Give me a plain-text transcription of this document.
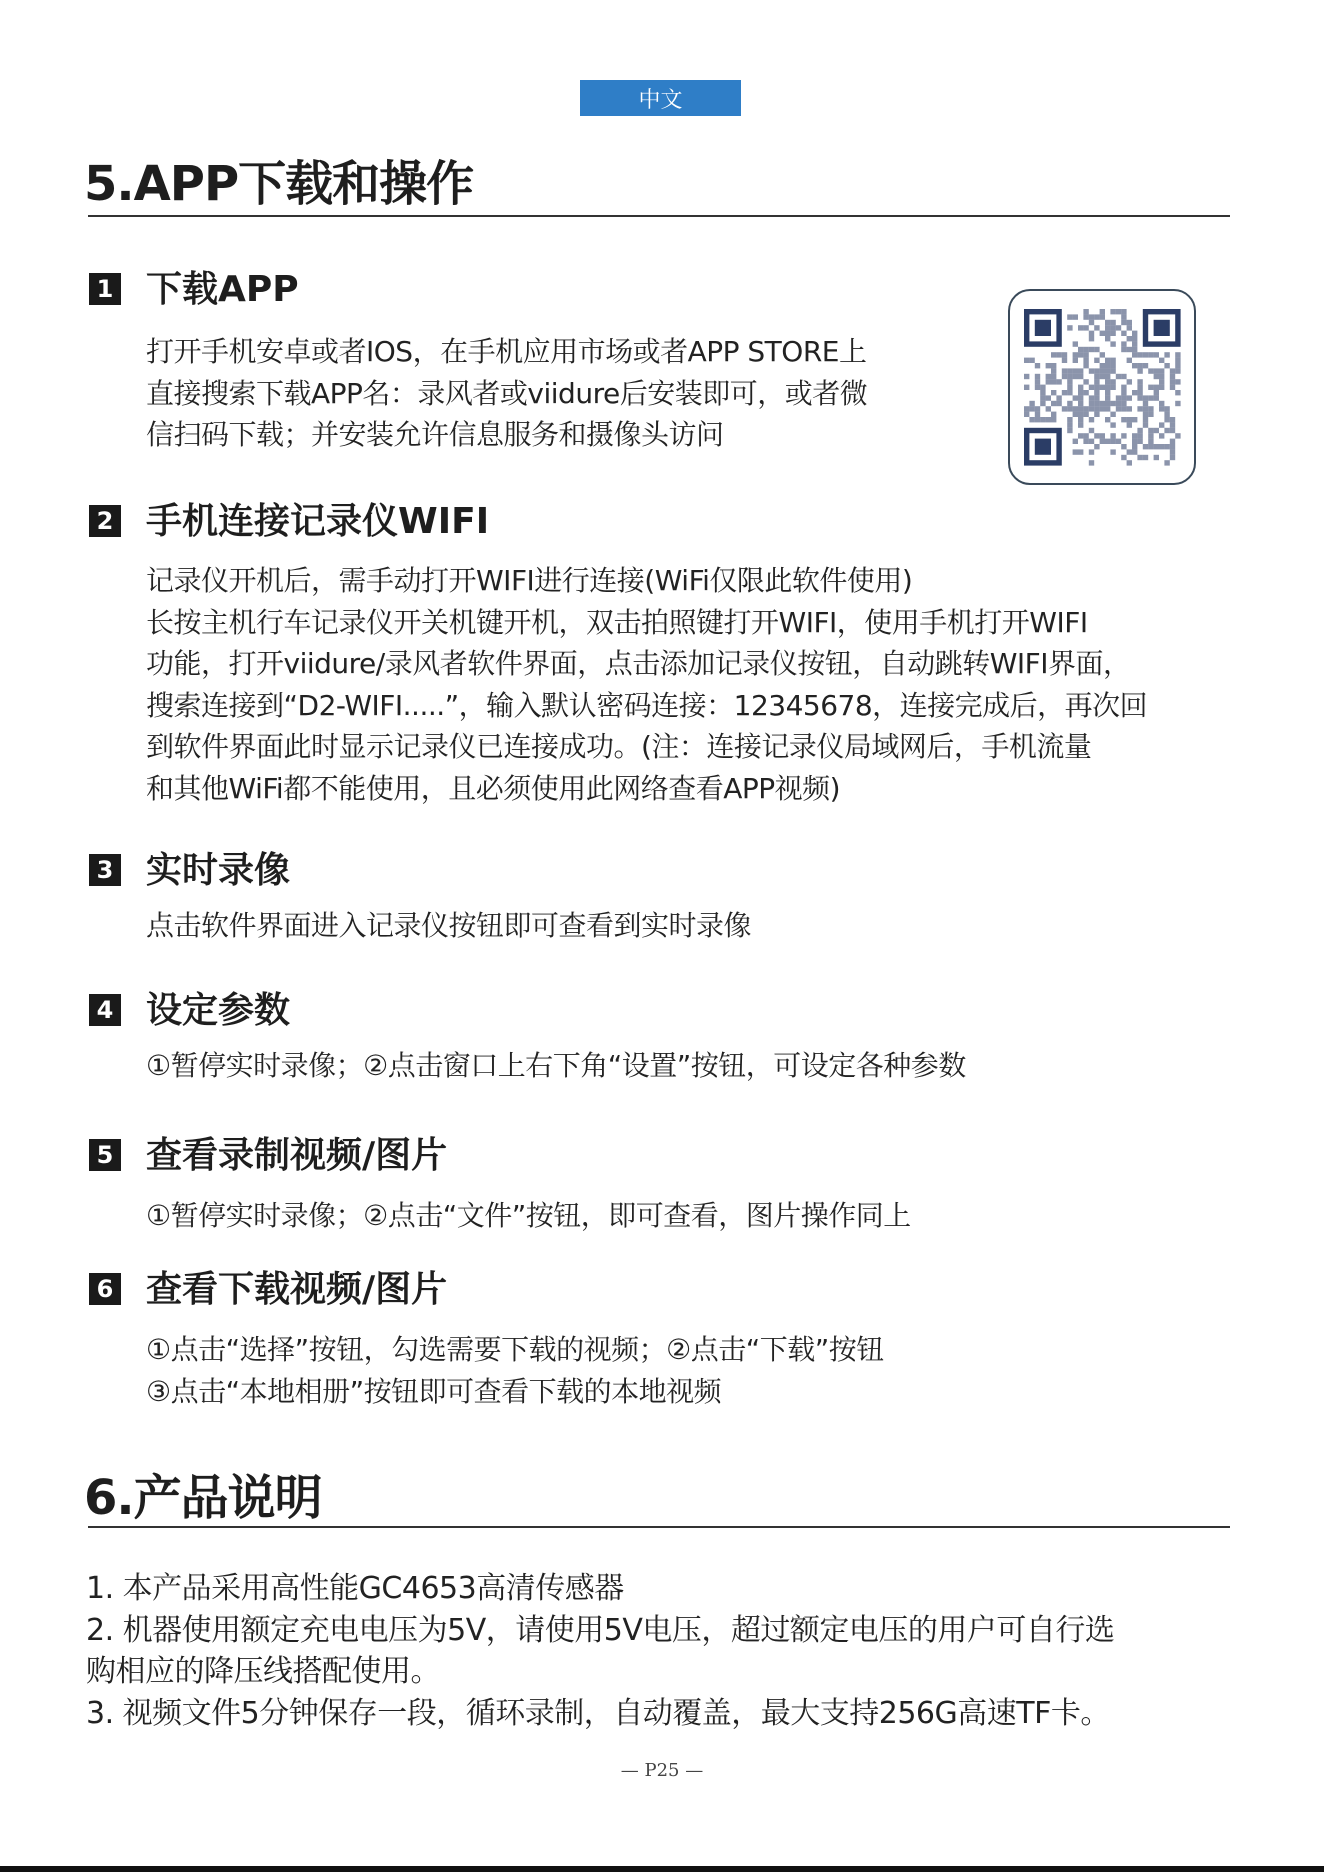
中文
5.APP下载和操作
1 下载APP
打开手机安卓或者IOS，在手机应用市场或者APP STORE上
直接搜索下载APP名：录风者或viidure后安装即可，或者微
信扫码下载；并安装允许信息服务和摄像头访问
2 手机连接记录仪WIFI
记录仪开机后，需手动打开WIFI进行连接(WiFi仅限此软件使用)
长按主机行车记录仪开关机键开机，双击拍照键打开WIFI，使用手机打开WIFI
功能，打开viidure/录风者软件界面，点击添加记录仪按钮，自动跳转WIFI界面，
搜索连接到“D2-WIFI.....”，输入默认密码连接：12345678，连接完成后，再次回
到软件界面此时显示记录仪已连接成功。(注：连接记录仪局域网后，手机流量
和其他WiFi都不能使用，且必须使用此网络查看APP视频)
3 实时录像
点击软件界面进入记录仪按钮即可查看到实时录像
4 设定参数
①暂停实时录像；②点击窗口上右下角“设置”按钮，可设定各种参数
5 查看录制视频/图片
①暂停实时录像；②点击“文件”按钮，即可查看，图片操作同上
6 查看下载视频/图片
①点击“选择”按钮，勾选需要下载的视频；②点击“下载”按钮
③点击“本地相册”按钮即可查看下载的本地视频
6.产品说明
1. 本产品采用高性能GC4653高清传感器
2. 机器使用额定充电电压为5V，请使用5V电压，超过额定电压的用户可自行选
购相应的降压线搭配使用。
3. 视频文件5分钟保存一段，循环录制，自动覆盖，最大支持256G高速TF卡。
— P25 —
